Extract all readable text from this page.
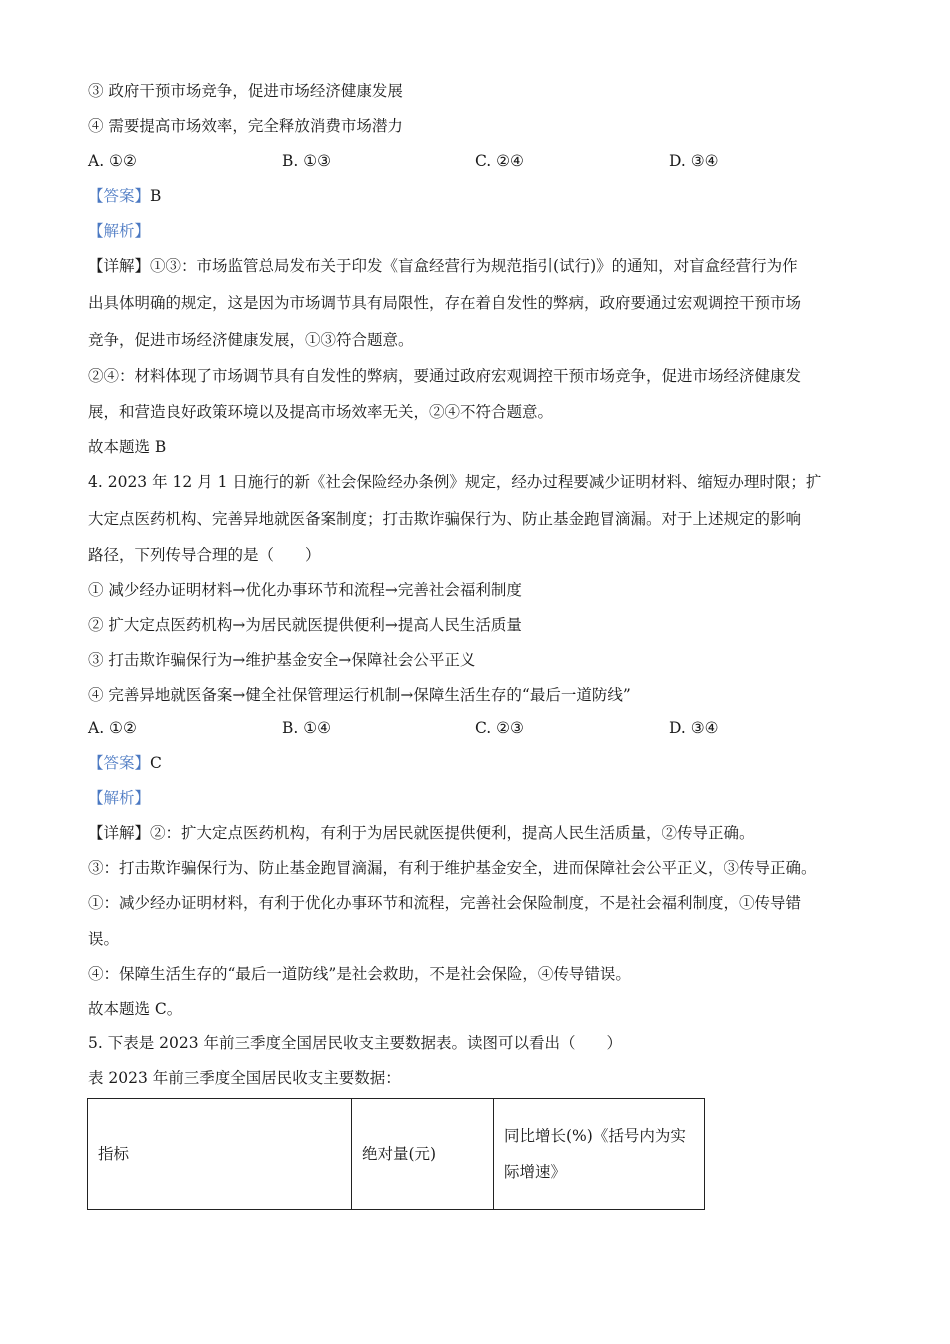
③ 政府干预市场竞争，促进市场经济健康发展
④ 需要提高市场效率，完全释放消费市场潜力
A. ①②	B. ①③	C. ②④	D. ③④
【答案】B
【解析】
【详解】①③：市场监管总局发布关于印发《盲盒经营行为规范指引(试行)》的通知，对盲盒经营行为作
出具体明确的规定，这是因为市场调节具有局限性，存在着自发性的弊病，政府要通过宏观调控干预市场
竞争，促进市场经济健康发展，①③符合题意。
②④：材料体现了市场调节具有自发性的弊病，要通过政府宏观调控干预市场竞争，促进市场经济健康发
展，和营造良好政策环境以及提高市场效率无关，②④不符合题意。
故本题选 B
4. 2023 年 12 月 1 日施行的新《社会保险经办条例》规定，经办过程要减少证明材料、缩短办理时限；扩
大定点医药机构、完善异地就医备案制度；打击欺诈骗保行为、防止基金跑冒滴漏。对于上述规定的影响
路径，下列传导合理的是（　　）
① 减少经办证明材料→优化办事环节和流程→完善社会福利制度
② 扩大定点医药机构→为居民就医提供便利→提高人民生活质量
③ 打击欺诈骗保行为→维护基金安全→保障社会公平正义
④ 完善异地就医备案→健全社保管理运行机制→保障生活生存的“最后一道防线”
A. ①②	B. ①④	C. ②③	D. ③④
【答案】C
【解析】
【详解】②：扩大定点医药机构，有利于为居民就医提供便利，提高人民生活质量，②传导正确。
③：打击欺诈骗保行为、防止基金跑冒滴漏，有利于维护基金安全，进而保障社会公平正义，③传导正确。
①：减少经办证明材料，有利于优化办事环节和流程，完善社会保险制度，不是社会福利制度，①传导错
误。
④：保障生活生存的“最后一道防线”是社会救助，不是社会保险，④传导错误。
故本题选 C。
5. 下表是 2023 年前三季度全国居民收支主要数据表。读图可以看出（　　）
表 2023 年前三季度全国居民收支主要数据：
指标	绝对量(元)	同比增长(%)《括号内为实际增速》
